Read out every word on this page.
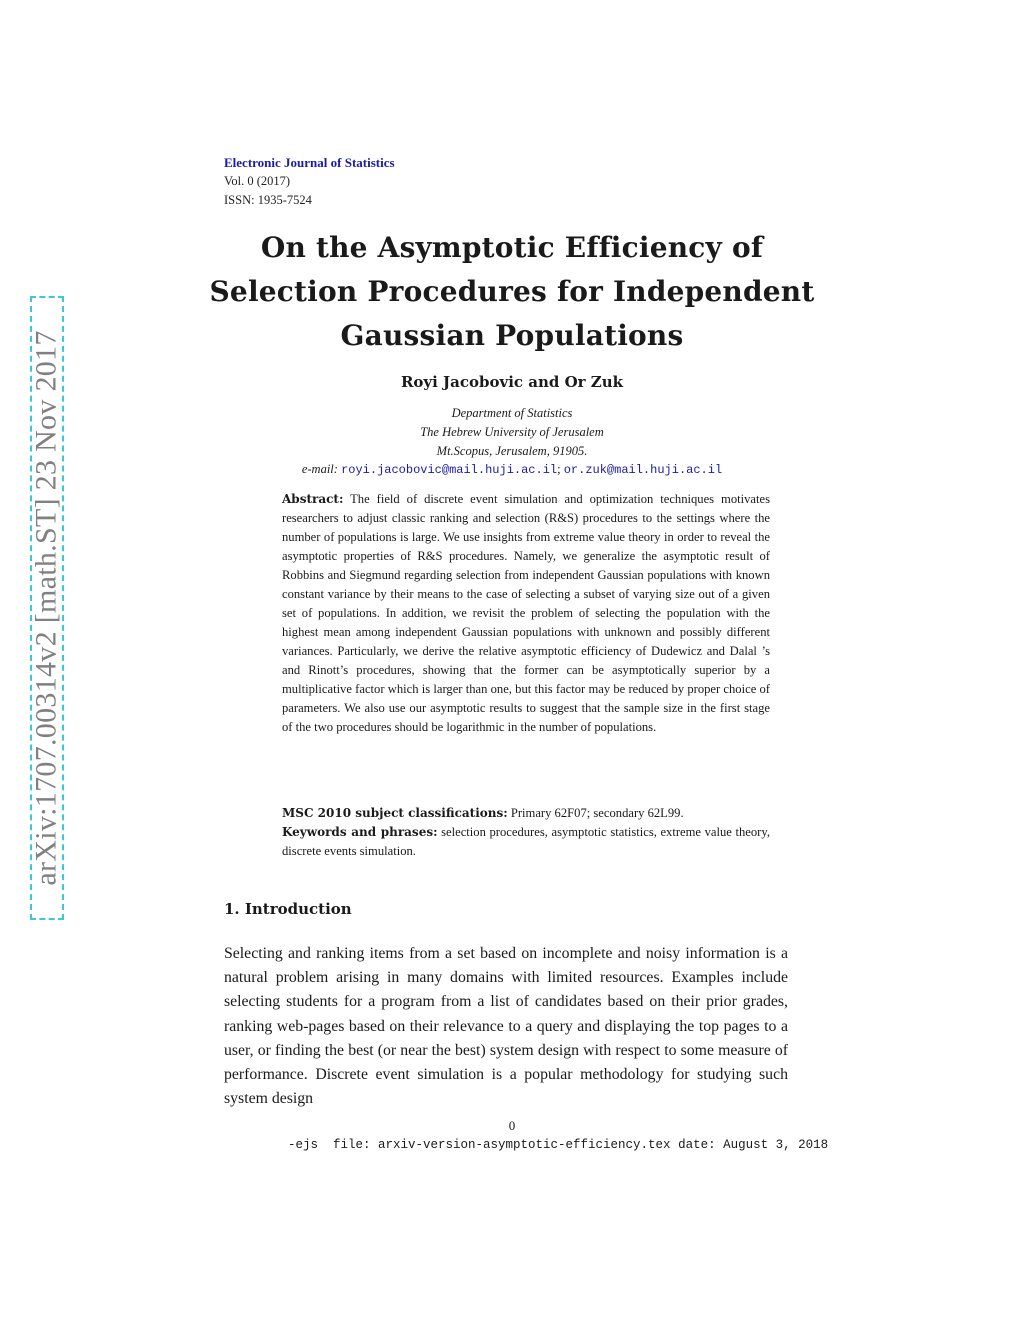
arXiv:1707.00314v2 [math.ST] 23 Nov 2017
Electronic Journal of Statistics
Vol. 0 (2017)
ISSN: 1935-7524
On the Asymptotic Efficiency of
Selection Procedures for Independent
Gaussian Populations
Royi Jacobovic and Or Zuk
Department of Statistics
The Hebrew University of Jerusalem
Mt.Scopus, Jerusalem, 91905.
e-mail: royi.jacobovic@mail.huji.ac.il; or.zuk@mail.huji.ac.il
Abstract: The field of discrete event simulation and optimization techniques motivates researchers to adjust classic ranking and selection (R&S) procedures to the settings where the number of populations is large. We use insights from extreme value theory in order to reveal the asymptotic properties of R&S procedures. Namely, we generalize the asymptotic result of Robbins and Siegmund regarding selection from independent Gaussian populations with known constant variance by their means to the case of selecting a subset of varying size out of a given set of populations. In addition, we revisit the problem of selecting the population with the highest mean among independent Gaussian populations with unknown and possibly different variances. Particularly, we derive the relative asymptotic efficiency of Dudewicz and Dalal ’s and Rinott’s procedures, showing that the former can be asymptotically superior by a multiplicative factor which is larger than one, but this factor may be reduced by proper choice of parameters. We also use our asymptotic results to suggest that the sample size in the first stage of the two procedures should be logarithmic in the number of populations.
MSC 2010 subject classifications: Primary 62F07; secondary 62L99.
Keywords and phrases: selection procedures, asymptotic statistics, extreme value theory, discrete events simulation.
1. Introduction
Selecting and ranking items from a set based on incomplete and noisy information is a natural problem arising in many domains with limited resources. Examples include selecting students for a program from a list of candidates based on their prior grades, ranking web-pages based on their relevance to a query and displaying the top pages to a user, or finding the best (or near the best) system design with respect to some measure of performance. Discrete event simulation is a popular methodology for studying such system design
0
-ejs  file: arxiv-version-asymptotic-efficiency.tex date: August 3, 2018
